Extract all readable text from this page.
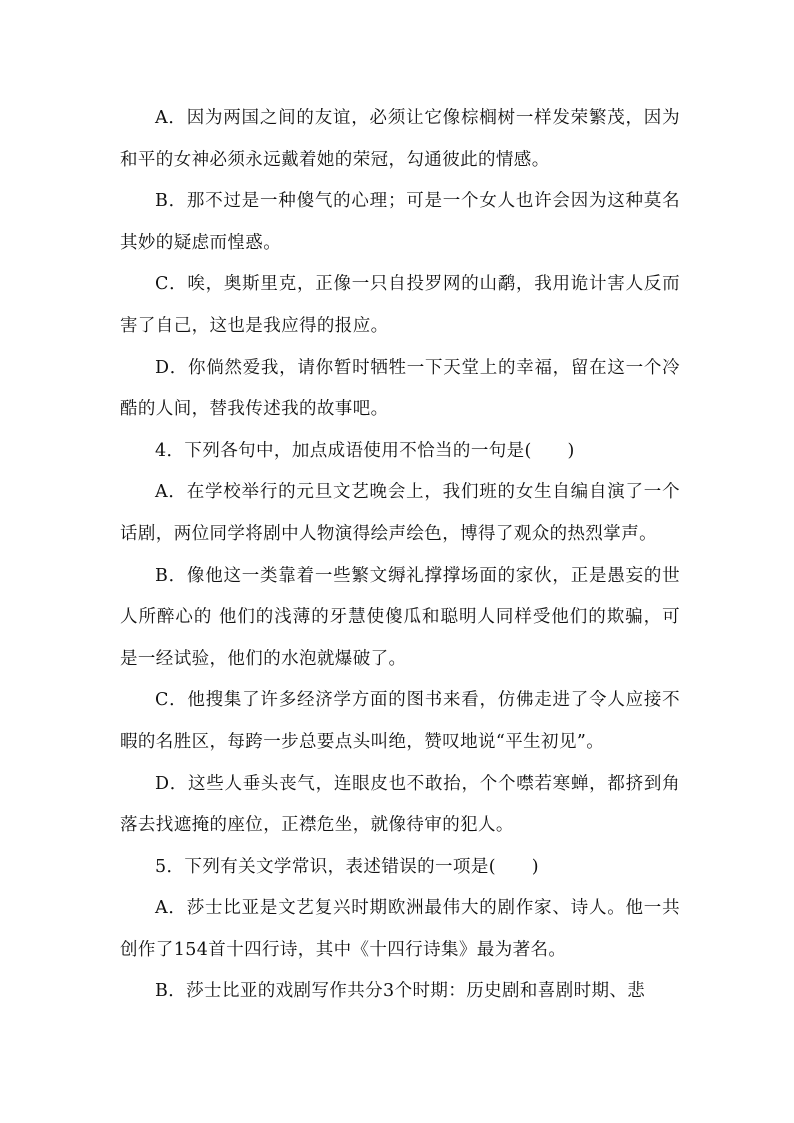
A．因为两国之间的友谊，必须让它像棕榈树一样发荣繁茂，因为和平的女神必须永远戴着她的荣冠，勾通彼此的情感。

B．那不过是一种傻气的心理；可是一个女人也许会因为这种莫名其妙的疑虑而惶惑。

C．唉，奥斯里克，正像一只自投罗网的山鹬，我用诡计害人反而害了自己，这也是我应得的报应。

D．你倘然爱我，请你暂时牺牲一下天堂上的幸福，留在这一个冷酷的人间，替我传述我的故事吧。

4．下列各句中，加点成语使用不恰当的一句是(　　)

A．在学校举行的元旦文艺晚会上，我们班的女生自编自演了一个话剧，两位同学将剧中人物演得绘声绘色，博得了观众的热烈掌声。

B．像他这一类靠着一些繁文缛礼撑撑场面的家伙，正是愚妄的世人所醉心的 他们的浅薄的牙慧使傻瓜和聪明人同样受他们的欺骗，可是一经试验，他们的水泡就爆破了。

C．他搜集了许多经济学方面的图书来看，仿佛走进了令人应接不暇的名胜区，每跨一步总要点头叫绝，赞叹地说“平生初见”。

D．这些人垂头丧气，连眼皮也不敢抬，个个噤若寒蝉，都挤到角落去找遮掩的座位，正襟危坐，就像待审的犯人。

5．下列有关文学常识，表述错误的一项是(　　)

A．莎士比亚是文艺复兴时期欧洲最伟大的剧作家、诗人。他一共创作了154首十四行诗，其中《十四行诗集》最为著名。

B．莎士比亚的戏剧写作共分3个时期：历史剧和喜剧时期、悲
